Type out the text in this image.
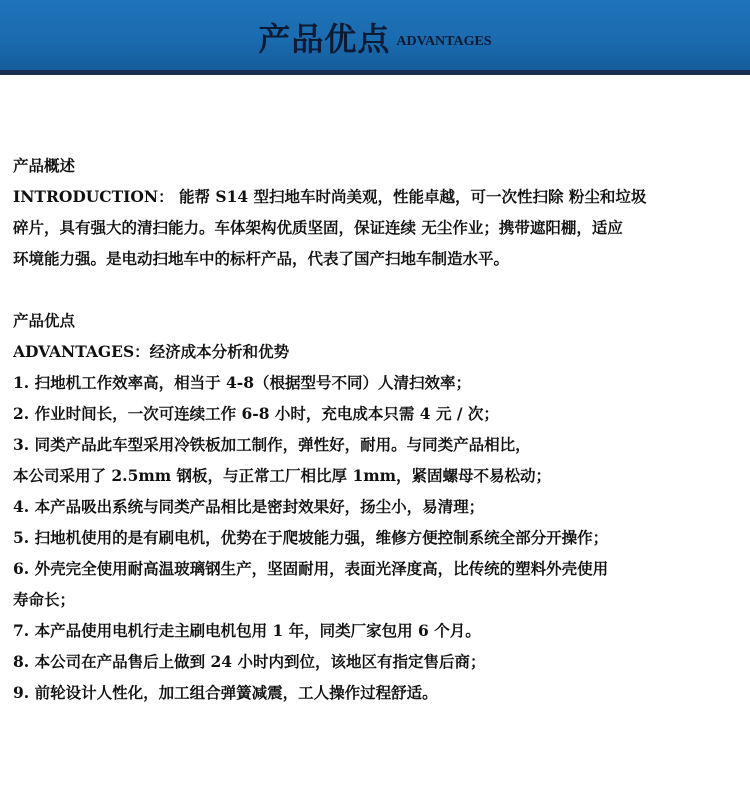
产品优点 ADVANTAGES
产品概述
INTRODUCTION： 能帮 S14 型扫地车时尚美观，性能卓越，可一次性扫除 粉尘和垃圾
碎片，具有强大的清扫能力。车体架构优质坚固，保证连续 无尘作业；携带遮阳棚，适应
环境能力强。是电动扫地车中的标杆产品，代表了国产扫地车制造水平。
产品优点
ADVANTAGES：经济成本分析和优势
1. 扫地机工作效率高，相当于 4-8（根据型号不同）人清扫效率；
2. 作业时间长，一次可连续工作 6-8 小时，充电成本只需 4 元 / 次；
3. 同类产品此车型采用冷铁板加工制作，弹性好，耐用。与同类产品相比，
本公司采用了 2.5mm 钢板，与正常工厂相比厚 1mm，紧固螺母不易松动；
4. 本产品吸出系统与同类产品相比是密封效果好，扬尘小，易清理；
5. 扫地机使用的是有刷电机，优势在于爬坡能力强，维修方便控制系统全部分开操作；
6. 外壳完全使用耐高温玻璃钢生产，坚固耐用，表面光泽度高，比传统的塑料外壳使用
寿命长；
7. 本产品使用电机行走主刷电机包用 1 年，同类厂家包用 6 个月。
8. 本公司在产品售后上做到 24 小时内到位，该地区有指定售后商；
9. 前轮设计人性化，加工组合弹簧减震，工人操作过程舒适。
